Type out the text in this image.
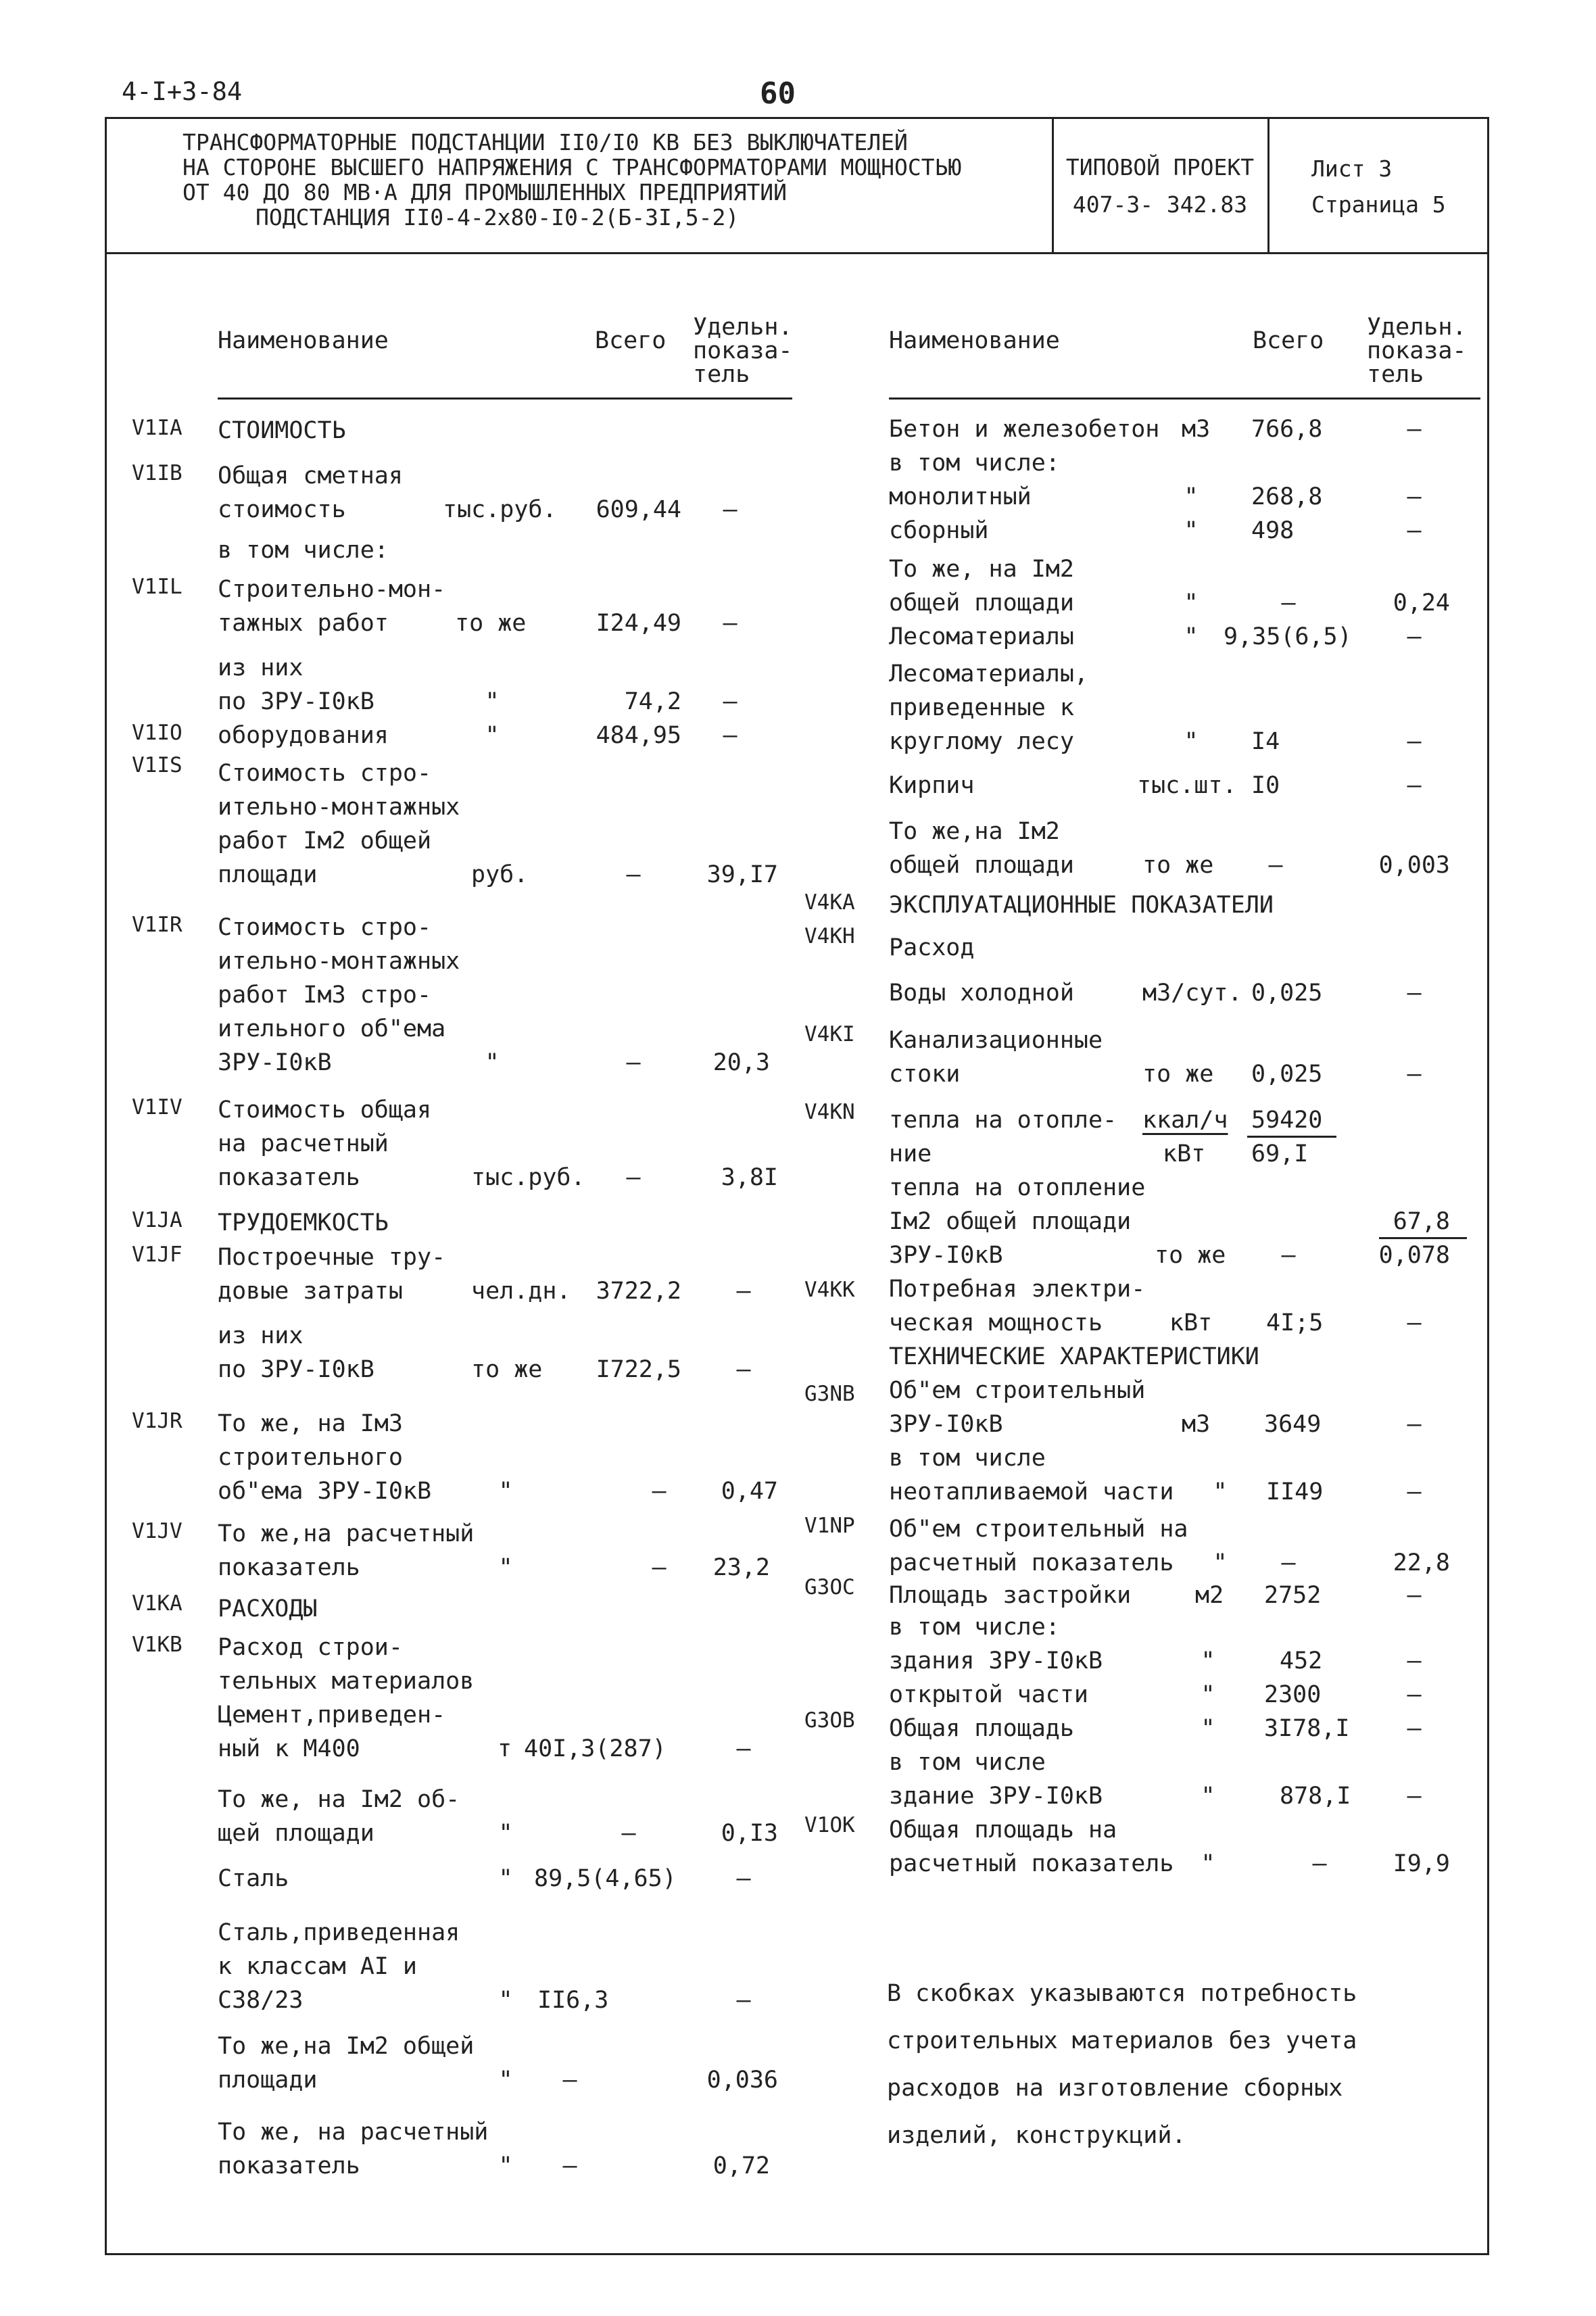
4-I+3-84	60
ТРАНСФОРМАТОРНЫЕ ПОДСТАНЦИИ II0/I0 КВ БЕЗ ВЫКЛЮЧАТЕЛЕЙ
НА СТОРОНЕ ВЫСШЕГО НАПРЯЖЕНИЯ С ТРАНСФОРМАТОРАМИ МОЩНОСТЬЮ
ОТ 40 ДО 80 МВ·А ДЛЯ ПРОМЫШЛЕННЫХ ПРЕДПРИЯТИЙ
ПОДСТАНЦИЯ II0-4-2х80-I0-2(Б-3I,5-2)
ТИПОВОЙ ПРОЕКТ
407-3- 342.83
Лист 3
Страница 5
Наименование	Всего Удельн.
показа-
тель
Наименование	Всего Удельн.
показа-
тель
V1IA
V1IB
V1IL
V1IO
V1IS
V1IR
V1IV
V1JA
V1JF
V1JR
V1JV
V1KA
V1KB
СТОИМОСТЬ
Общая сметная
стоимость	тыс.руб. 609,44 –
в том числе:
Строительно-мон-
тажных работ	то же	I24,49 –
из них
по ЗРУ-I0кВ	"	74,2 –
оборудования	"	484,95 –
Стоимость стро-
ительно-монтажных
работ Iм2 общей
площади	руб.	–	39,I7
Стоимость стро-
ительно-монтажных
работ Iм3 стро-
ительного об"ема
ЗРУ-I0кВ	"	–	20,3
Стоимость общая
на расчетный
показатель	тыс.руб. –	3,8I
ТРУДОЕМКОСТЬ
Построечные тру-
довые затраты	чел.дн. 3722,2 –
из них
по ЗРУ-I0кВ	то же I722,5 –
То же, на Iм3
строительного
об"ема ЗРУ-I0кВ	"	– 0,47
То же,на расчетный
показатель	"	– 23,2
РАСХОДЫ
Расход строи-
тельных материалов
Цемент,приведен-
ный к М400	т 40I,3(287)	–
То же, на Iм2 об-
щей площади	"	–	0,I3
Сталь	" 89,5(4,65)	–
Сталь,приведенная
к классам АI и
С38/23	" II6,3	–
То же,на Iм2 общей
площади	" –	0,036
То же, на расчетный
показатель	" –	0,72
V4KA
V4KH
V4KI
V4KN
V4KK
G3NB
V1NP
G3OC
G3OB
V1OK
Бетон и железобетон м3 766,8	–
в том числе:
монолитный	" 268,8	–
сборный	" 498	–
То же, на Iм2
общей площади	"	–	0,24
Лесоматериалы	" 9,35(6,5) –
Лесоматериалы,
приведенные к
круглому лесу	" I4	–
Кирпич	тыс.шт. I0	–
То же,на Iм2
общей площади	то же –	0,003
ЭКСПЛУАТАЦИОННЫЕ ПОКАЗАТЕЛИ
Расход
Воды холодной	м3/сут. 0,025	–
Канализационные
стоки	то же 0,025	–
тепла на отопле- ккал/ч 59420
ние	кВт 69,I
тепла на отопление
Iм2 общей площади	67,8
ЗРУ-I0кВ	то же –	0,078
Потребная электри-
ческая мощность	кВт 4I;5	–
ТЕХНИЧЕСКИЕ ХАРАКТЕРИСТИКИ
Об"ем строительный
ЗРУ-I0кВ	м3 3649	–
в том числе
неотапливаемой части " II49	–
Об"ем строительный на
расчетный показатель " –	22,8
Площадь застройки	м2 2752	–
в том числе:
здания ЗРУ-I0кВ	"	452	–
открытой части	" 2300	–
Общая площадь	" 3I78,I –
в том числе
здание ЗРУ-I0кВ	"	878,I –
Общая площадь на
расчетный показатель "	–	I9,9
В скобках указываются потребность
строительных материалов без учета
расходов на изготовление сборных
изделий, конструкций.
